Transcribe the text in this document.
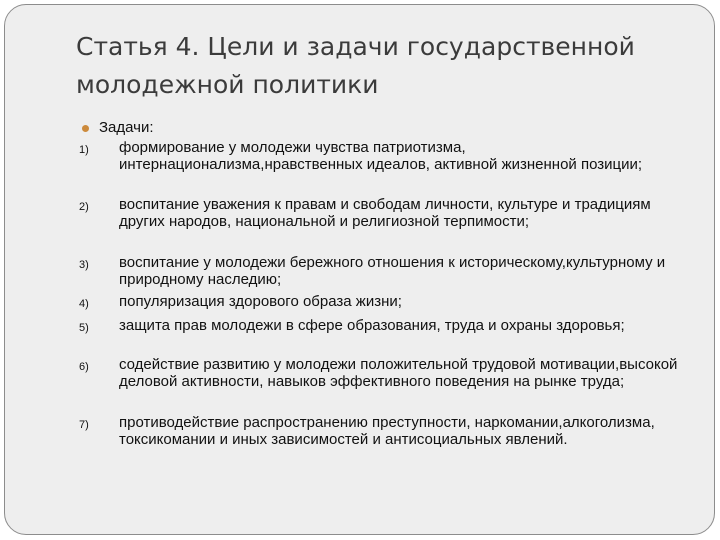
Статья 4. Цели и задачи государственной молодежной политики
Задачи:
1)	формирование у молодежи чувства патриотизма, интернационализма,нравственных идеалов, активной жизненной позиции;
2)	воспитание уважения к правам и свободам личности, культуре и традициям других народов, национальной и религиозной терпимости;
3)	воспитание у молодежи бережного отношения к историческому,культурному и природному наследию;
4)	популяризация здорового образа жизни;
5)	защита прав молодежи в сфере образования, труда и охраны здоровья;
6)	содействие развитию у молодежи положительной трудовой мотивации,высокой деловой активности, навыков эффективного поведения на рынке труда;
7)	противодействие распространению преступности, наркомании,алкоголизма, токсикомании и иных зависимостей и антисоциальных явлений.
